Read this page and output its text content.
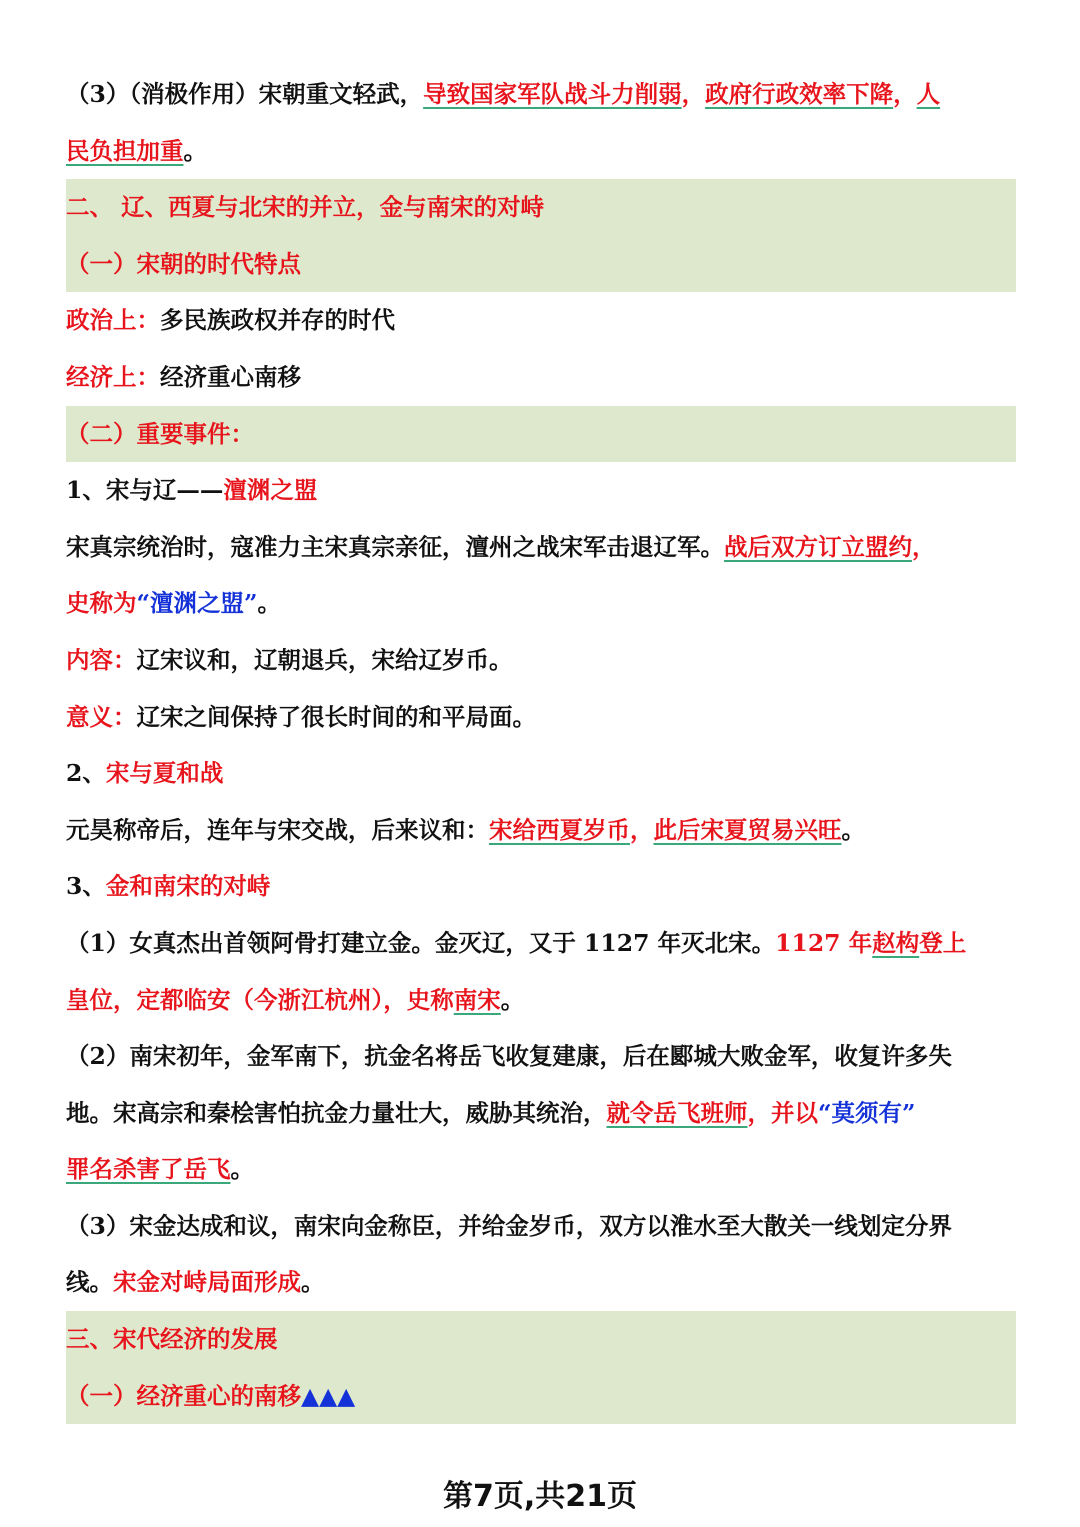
（3）（消极作用）宋朝重文轻武，导致国家军队战斗力削弱，政府行政效率下降，人
民负担加重。
二、 辽、西夏与北宋的并立，金与南宋的对峙
（一）宋朝的时代特点
政治上：多民族政权并存的时代
经济上：经济重心南移
（二）重要事件：
1、宋与辽——澶渊之盟
宋真宗统治时，寇准力主宋真宗亲征，澶州之战宋军击退辽军。战后双方订立盟约，
史称为“澶渊之盟”。
内容：辽宋议和，辽朝退兵，宋给辽岁币。
意义：辽宋之间保持了很长时间的和平局面。
2、宋与夏和战
元昊称帝后，连年与宋交战，后来议和：宋给西夏岁币，此后宋夏贸易兴旺。
3、金和南宋的对峙
（1）女真杰出首领阿骨打建立金。金灭辽，又于 1127 年灭北宋。1127 年赵构登上
皇位，定都临安（今浙江杭州），史称南宋。
（2）南宋初年，金军南下，抗金名将岳飞收复建康，后在郾城大败金军，收复许多失
地。宋高宗和秦桧害怕抗金力量壮大，威胁其统治，就令岳飞班师，并以“莫须有”
罪名杀害了岳飞。
（3）宋金达成和议，南宋向金称臣，并给金岁币，双方以淮水至大散关一线划定分界
线。宋金对峙局面形成。
三、宋代经济的发展
（一）经济重心的南移▲▲▲
第7页,共21页
